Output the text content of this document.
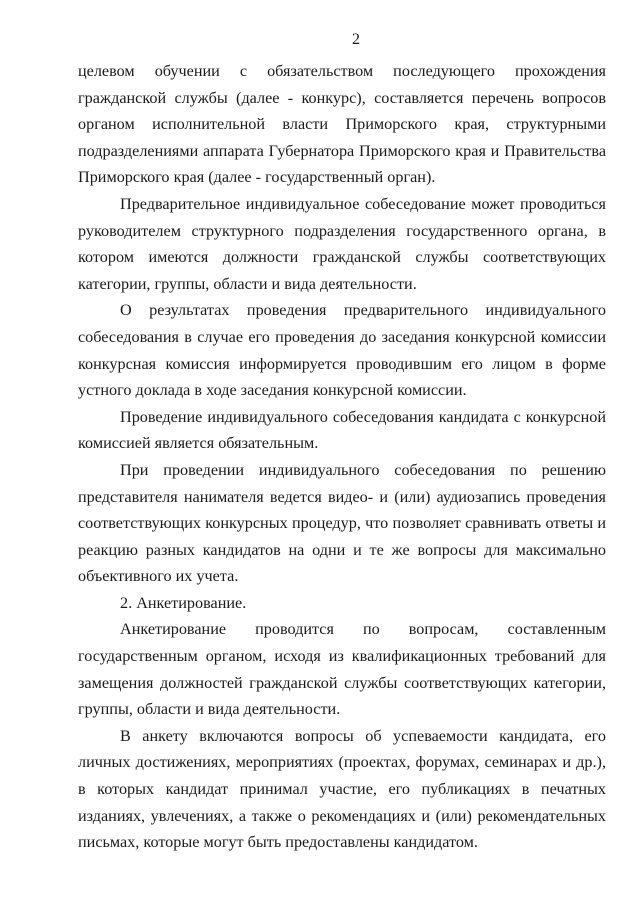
2

целевом обучении с обязательством последующего прохождения гражданской службы (далее - конкурс), составляется перечень вопросов органом исполнительной власти Приморского края, структурными подразделениями аппарата Губернатора Приморского края и Правительства Приморского края (далее - государственный орган).

Предварительное индивидуальное собеседование может проводиться руководителем структурного подразделения государственного органа, в котором имеются должности гражданской службы соответствующих категории, группы, области и вида деятельности.

О результатах проведения предварительного индивидуального собеседования в случае его проведения до заседания конкурсной комиссии конкурсная комиссия информируется проводившим его лицом в форме устного доклада в ходе заседания конкурсной комиссии.

Проведение индивидуального собеседования кандидата с конкурсной комиссией является обязательным.

При проведении индивидуального собеседования по решению представителя нанимателя ведется видео- и (или) аудиозапись проведения соответствующих конкурсных процедур, что позволяет сравнивать ответы и реакцию разных кандидатов на одни и те же вопросы для максимально объективного их учета.

2. Анкетирование.

Анкетирование проводится по вопросам, составленным государственным органом, исходя из квалификационных требований для замещения должностей гражданской службы соответствующих категории, группы, области и вида деятельности.

В анкету включаются вопросы об успеваемости кандидата, его личных достижениях, мероприятиях (проектах, форумах, семинарах и др.), в которых кандидат принимал участие, его публикациях в печатных изданиях, увлечениях, а также о рекомендациях и (или) рекомендательных письмах, которые могут быть предоставлены кандидатом.
